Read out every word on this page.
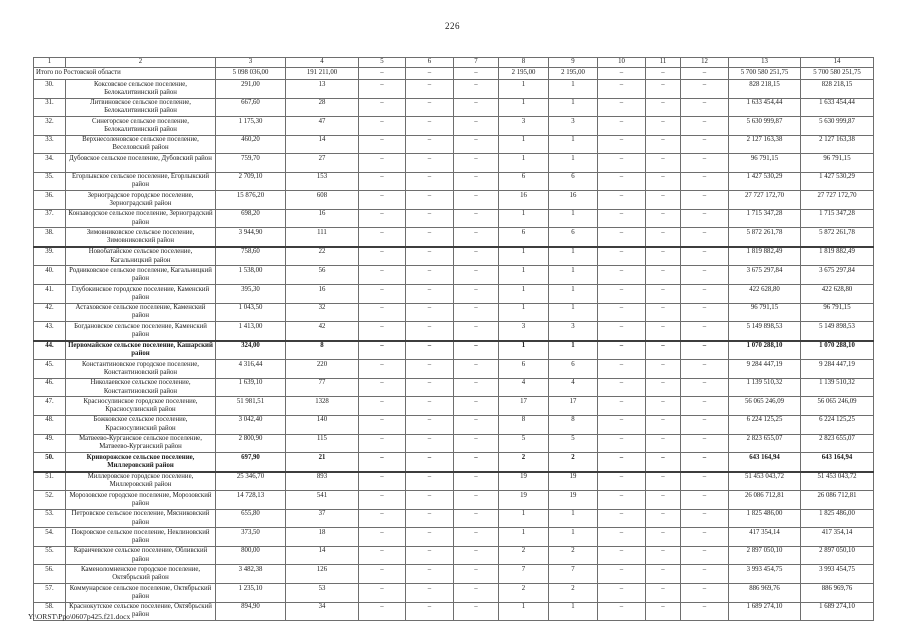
226
1	2	3	4	5	6	7	8	9	10	11	12	13	14
Итого по Ростовской области		5 098 036,00	191 211,00	–	–	–	2 195,00	2 195,00	–	–	–	5 700 580 251,75	5 700 580 251,75
30.	Коксовское сельское поселение, Белокалитвинский район	291,00	13	–	–	–	1	1	–	–	–	828 218,15	828 218,15
31.	Литвиновское сельское поселение, Белокалитвинский район	667,60	28	–	–	–	1	1	–	–	–	1 633 454,44	1 633 454,44
32.	Синегорское сельское поселение, Белокалитвинский район	1 175,30	47	–	–	–	3	3	–	–	–	5 630 999,87	5 630 999,87
33.	Верхнесоленовское сельское поселение, Веселовский район	460,20	14	–	–	–	1	1	–	–	–	2 127 163,38	2 127 163,38
34.	Дубовское сельское поселение, Дубовский район	759,70	27	–	–	–	1	1	–	–	–	96 791,15	96 791,15
35.	Егорлыкское сельское поселение, Егорлыкский район	2 709,10	153	–	–	–	6	6	–	–	–	1 427 530,29	1 427 530,29
36.	Зерноградское городское поселение, Зерноградский район	15 876,20	608	–	–	–	16	16	–	–	–	27 727 172,70	27 727 172,70
37.	Конзаводское сельское поселение, Зерноградский район	698,20	16	–	–	–	1	1	–	–	–	1 715 347,28	1 715 347,28
38.	Зимовниковское сельское поселение, Зимовниковский район	3 944,90	111	–	–	–	6	6	–	–	–	5 872 261,78	5 872 261,78
39.	Новобатайское сельское поселение, Кагальницкий район	758,60	22	–	–	–	1	1	–	–	–	1 819 882,49	1 819 882,49
40.	Родниковское сельское поселение, Кагальницкий район	1 538,00	56	–	–	–	1	1	–	–	–	3 675 297,84	3 675 297,84
41.	Глубокинское городское поселение, Каменский район	395,30	16	–	–	–	1	1	–	–	–	422 628,80	422 628,80
42.	Астаховское сельское поселение, Каменский район	1 043,50	32	–	–	–	1	1	–	–	–	96 791,15	96 791,15
43.	Богдановское сельское поселение, Каменский район	1 413,00	42	–	–	–	3	3	–	–	–	5 149 898,53	5 149 898,53
44.	Первомайское сельское поселение, Кашарский район	324,00	8	–	–	–	1	1	–	–	–	1 070 288,10	1 070 288,10
45.	Константиновское городское поселение, Константиновский район	4 316,44	220	–	–	–	6	6	–	–	–	9 284 447,19	9 284 447,19
46.	Николаевское сельское поселение, Константиновский район	1 639,10	77	–	–	–	4	4	–	–	–	1 139 510,32	1 139 510,32
47.	Красносулинское городское поселение, Красносулинский район	51 981,51	1328	–	–	–	17	17	–	–	–	56 065 246,09	56 065 246,09
48.	Божковское сельское поселение, Красносулинский район	3 042,40	140	–	–	–	8	8	–	–	–	6 224 125,25	6 224 125,25
49.	Матвеево-Курганское сельское поселение, Матвеево-Курганский район	2 800,90	115	–	–	–	5	5	–	–	–	2 823 655,07	2 823 655,07
50.	Криворожское сельское поселение, Миллеровский район	697,90	21	–	–	–	2	2	–	–	–	643 164,94	643 164,94
51.	Миллеровское городское поселение, Миллеровский район	25 346,70	893	–	–	–	19	19	–	–	–	51 453 043,72	51 453 043,72
52.	Морозовское городское поселение, Морозовский район	14 728,13	541	–	–	–	19	19	–	–	–	26 086 712,81	26 086 712,81
53.	Петровское сельское поселение, Мясниковский район	655,80	37	–	–	–	1	1	–	–	–	1 825 486,00	1 825 486,00
54.	Покровское сельское поселение, Неклиновский район	373,50	18	–	–	–	1	1	–	–	–	417 354,14	417 354,14
55.	Караичевское сельское поселение, Обливский район	800,00	14	–	–	–	2	2	–	–	–	2 897 050,10	2 897 050,10
56.	Каменоломненское городское поселение, Октябрьский район	3 482,38	126	–	–	–	7	7	–	–	–	3 993 454,75	3 993 454,75
57.	Коммунарское сельское поселение, Октябрьский район	1 235,10	53	–	–	–	2	2	–	–	–	886 969,76	886 969,76
58.	Краснокутское сельское поселение, Октябрьский район	894,90	34	–	–	–	1	1	–	–	–	1 689 274,10	1 689 274,10
Y:\ORST\Ppo\0607p425.f21.docx
